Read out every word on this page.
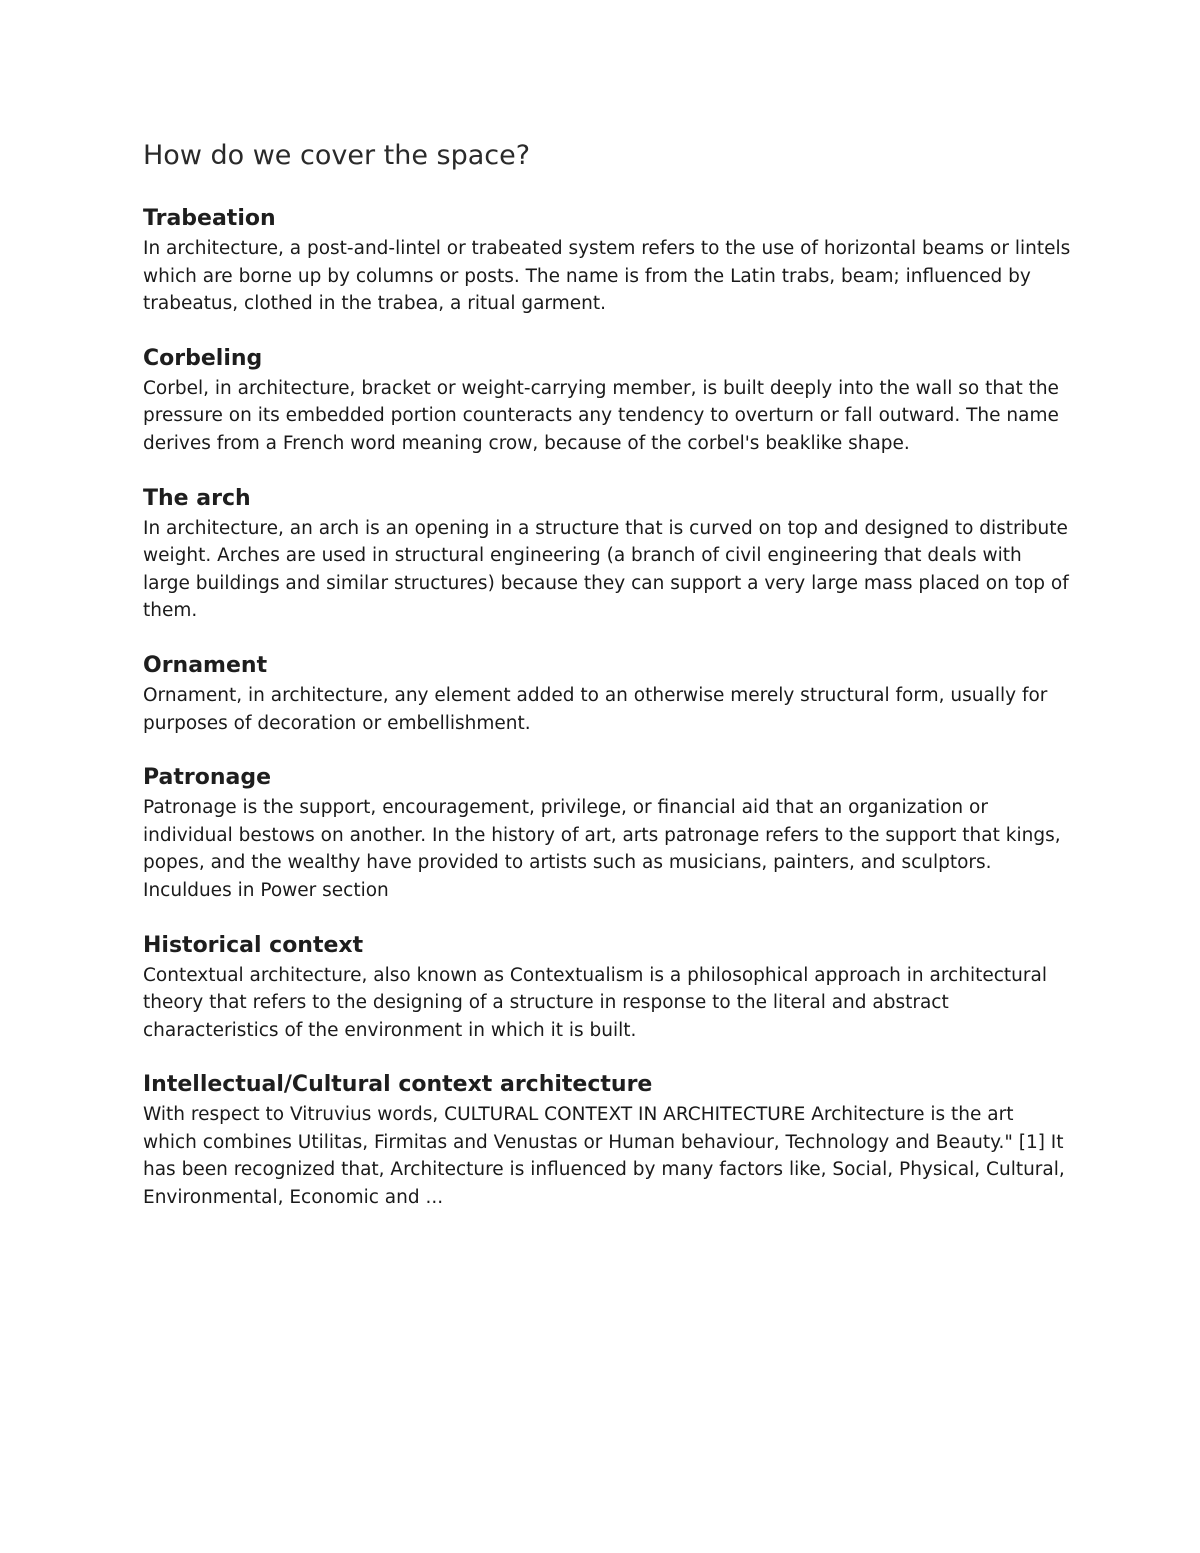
How do we cover the space?
Trabeation

In architecture, a post-and-lintel or trabeated system refers to the use of horizontal beams or lintels which are borne up by columns or posts. The name is from the Latin trabs, beam; influenced by trabeatus, clothed in the trabea, a ritual garment.

Corbeling

Corbel, in architecture, bracket or weight-carrying member, is built deeply into the wall so that the pressure on its embedded portion counteracts any tendency to overturn or fall outward. The name derives from a French word meaning crow, because of the corbel's beaklike shape.

The arch

In architecture, an arch is an opening in a structure that is curved on top and designed to distribute weight. Arches are used in structural engineering (a branch of civil engineering that deals with large buildings and similar structures) because they can support a very large mass placed on top of them.

Ornament

Ornament, in architecture, any element added to an otherwise merely structural form, usually for purposes of decoration or embellishment.

Patronage

Patronage is the support, encouragement, privilege, or financial aid that an organization or individual bestows on another. In the history of art, arts patronage refers to the support that kings, popes, and the wealthy have provided to artists such as musicians, painters, and sculptors.

Inculdues in Power section

Historical context

Contextual architecture, also known as Contextualism is a philosophical approach in architectural theory that refers to the designing of a structure in response to the literal and abstract characteristics of the environment in which it is built.

Intellectual/Cultural context architecture

With respect to Vitruvius words, CULTURAL CONTEXT IN ARCHITECTURE Architecture is the art which combines Utilitas, Firmitas and Venustas or Human behaviour, Technology and Beauty." [1] It has been recognized that, Architecture is influenced by many factors like, Social, Physical, Cultural, Environmental, Economic and ...
